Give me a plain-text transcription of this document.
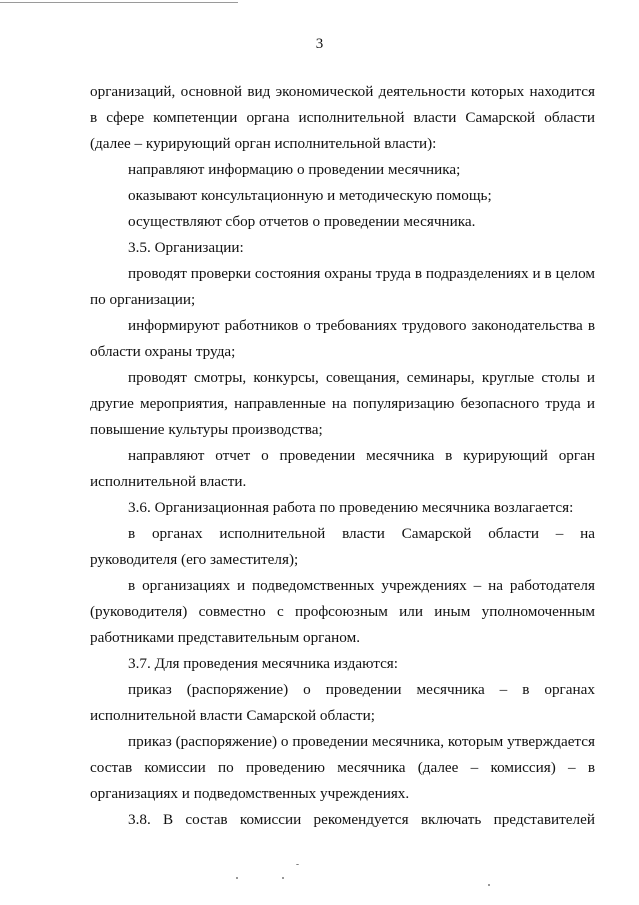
3

организаций, основной вид экономической деятельности которых находится в сфере компетенции органа исполнительной власти Самарской области (далее – курирующий орган исполнительной власти):

направляют информацию о проведении месячника;

оказывают консультационную и методическую помощь;

осуществляют сбор отчетов о проведении месячника.

3.5. Организации:

проводят проверки состояния охраны труда в подразделениях и в целом по организации;

информируют работников о требованиях трудового законодательства в области охраны труда;

проводят смотры, конкурсы, совещания, семинары, круглые столы и другие мероприятия, направленные на популяризацию безопасного труда и повышение культуры производства;

направляют отчет о проведении месячника в курирующий орган исполнительной власти.

3.6. Организационная работа по проведению месячника возлагается:

в органах исполнительной власти Самарской области – на руководителя (его заместителя);

в организациях и подведомственных учреждениях – на работодателя (руководителя) совместно с профсоюзным или иным уполномоченным работниками представительным органом.

3.7. Для проведения месячника издаются:

приказ (распоряжение) о проведении месячника – в органах исполнительной власти Самарской области;

приказ (распоряжение) о проведении месячника, которым утверждается состав комиссии по проведению месячника (далее – комиссия) – в организациях и подведомственных учреждениях.

3.8. В состав комиссии рекомендуется включать представителей
